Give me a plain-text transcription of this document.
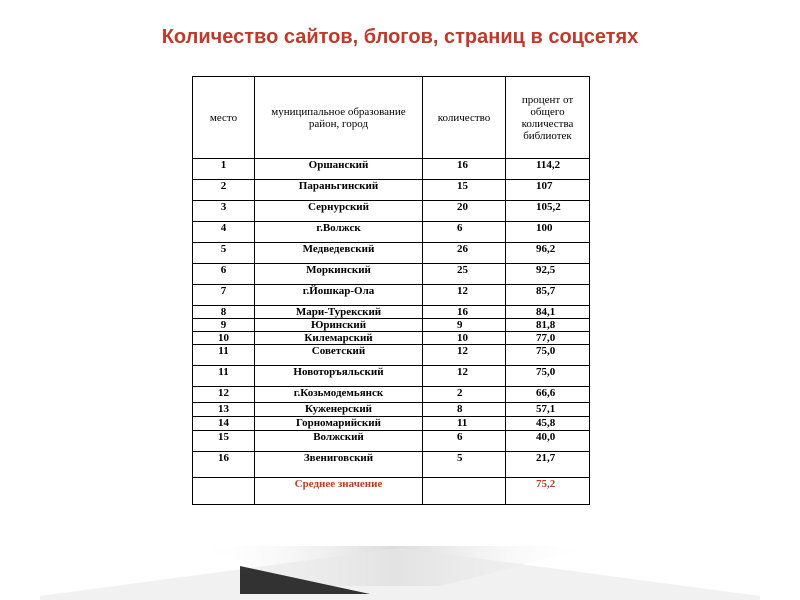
Количество сайтов, блогов, страниц в соцсетях
место	муниципальное образование район, город	количество	процент от общего количества библиотек
1	Оршанский	16	114,2
2	Параньгинский	15	107
3	Сернурский	20	105,2
4	г.Волжск	6	100
5	Медведевский	26	96,2
6	Моркинский	25	92,5
7	г.Йошкар-Ола	12	85,7
8	Мари-Турекский	16	84,1
9	Юринский	9	81,8
10	Килемарский	10	77,0
11	Советский	12	75,0
11	Новоторъяльский	12	75,0
12	г.Козьмодемьянск	2	66,6
13	Куженерский	8	57,1
14	Горномарийский	11	45,8
15	Волжский	6	40,0
16	Звениговский	5	21,7
	Среднее значение		75,2
